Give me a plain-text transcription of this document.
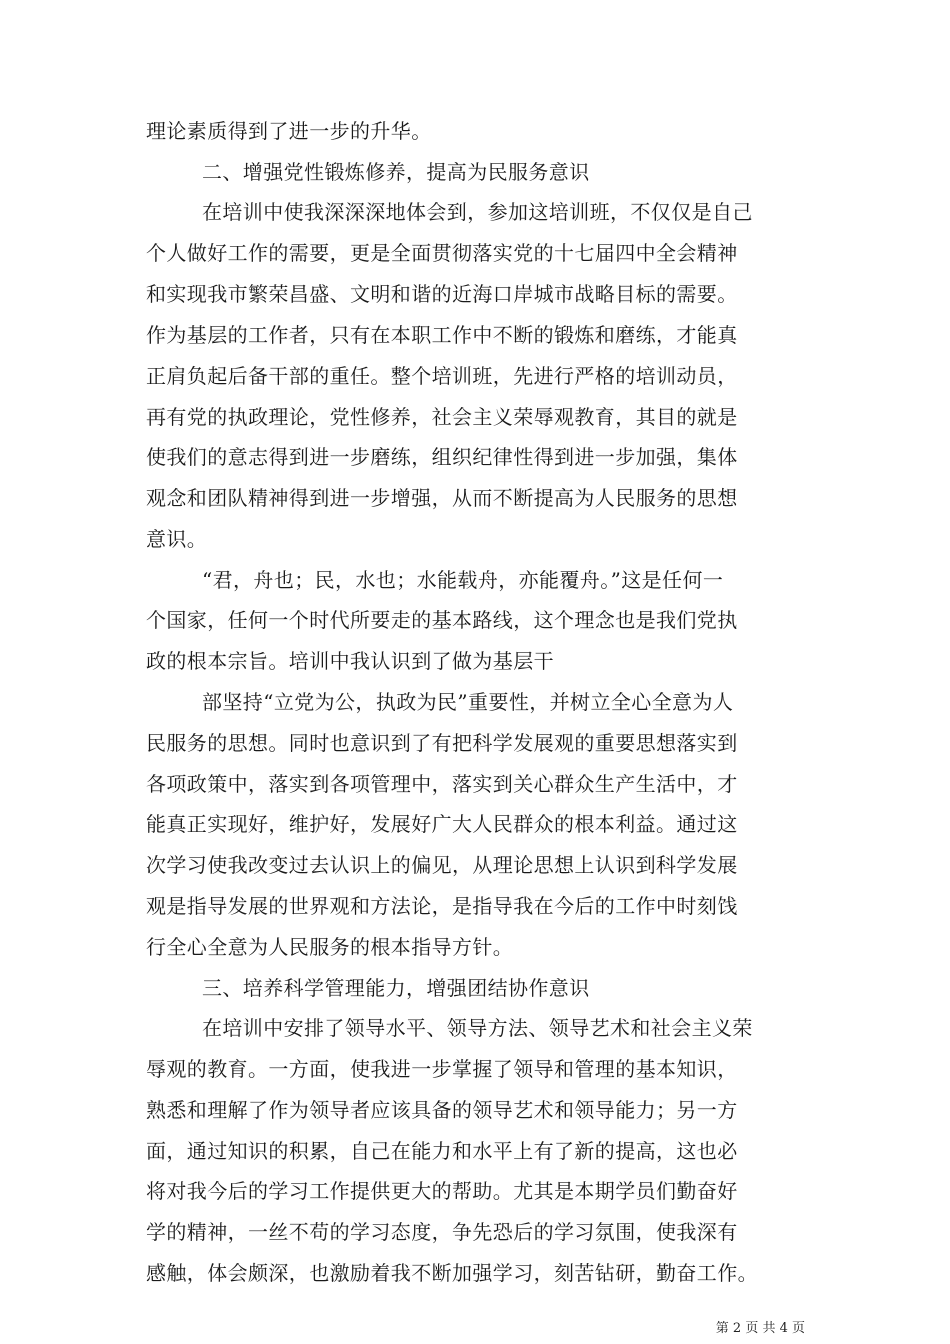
理论素质得到了进一步的升华。
二、增强党性锻炼修养，提高为民服务意识
在培训中使我深深深地体会到，参加这培训班，不仅仅是自己
个人做好工作的需要，更是全面贯彻落实党的十七届四中全会精神
和实现我市繁荣昌盛、文明和谐的近海口岸城市战略目标的需要。
作为基层的工作者，只有在本职工作中不断的锻炼和磨练，才能真
正肩负起后备干部的重任。整个培训班，先进行严格的培训动员，
再有党的执政理论，党性修养，社会主义荣辱观教育，其目的就是
使我们的意志得到进一步磨练，组织纪律性得到进一步加强，集体
观念和团队精神得到进一步增强，从而不断提高为人民服务的思想
意识。
“君，舟也；民，水也；水能载舟，亦能覆舟。”这是任何一
个国家，任何一个时代所要走的基本路线，这个理念也是我们党执
政的根本宗旨。培训中我认识到了做为基层干
部坚持“立党为公，执政为民”重要性，并树立全心全意为人
民服务的思想。同时也意识到了有把科学发展观的重要思想落实到
各项政策中，落实到各项管理中，落实到关心群众生产生活中，才
能真正实现好，维护好，发展好广大人民群众的根本利益。通过这
次学习使我改变过去认识上的偏见，从理论思想上认识到科学发展
观是指导发展的世界观和方法论，是指导我在今后的工作中时刻饯
行全心全意为人民服务的根本指导方针。
三、培养科学管理能力，增强团结协作意识
在培训中安排了领导水平、领导方法、领导艺术和社会主义荣
辱观的教育。一方面，使我进一步掌握了领导和管理的基本知识，
熟悉和理解了作为领导者应该具备的领导艺术和领导能力；另一方
面，通过知识的积累，自己在能力和水平上有了新的提高，这也必
将对我今后的学习工作提供更大的帮助。尤其是本期学员们勤奋好
学的精神，一丝不苟的学习态度，争先恐后的学习氛围，使我深有
感触，体会颇深，也激励着我不断加强学习，刻苦钻研，勤奋工作。
第 2 页 共 4 页
